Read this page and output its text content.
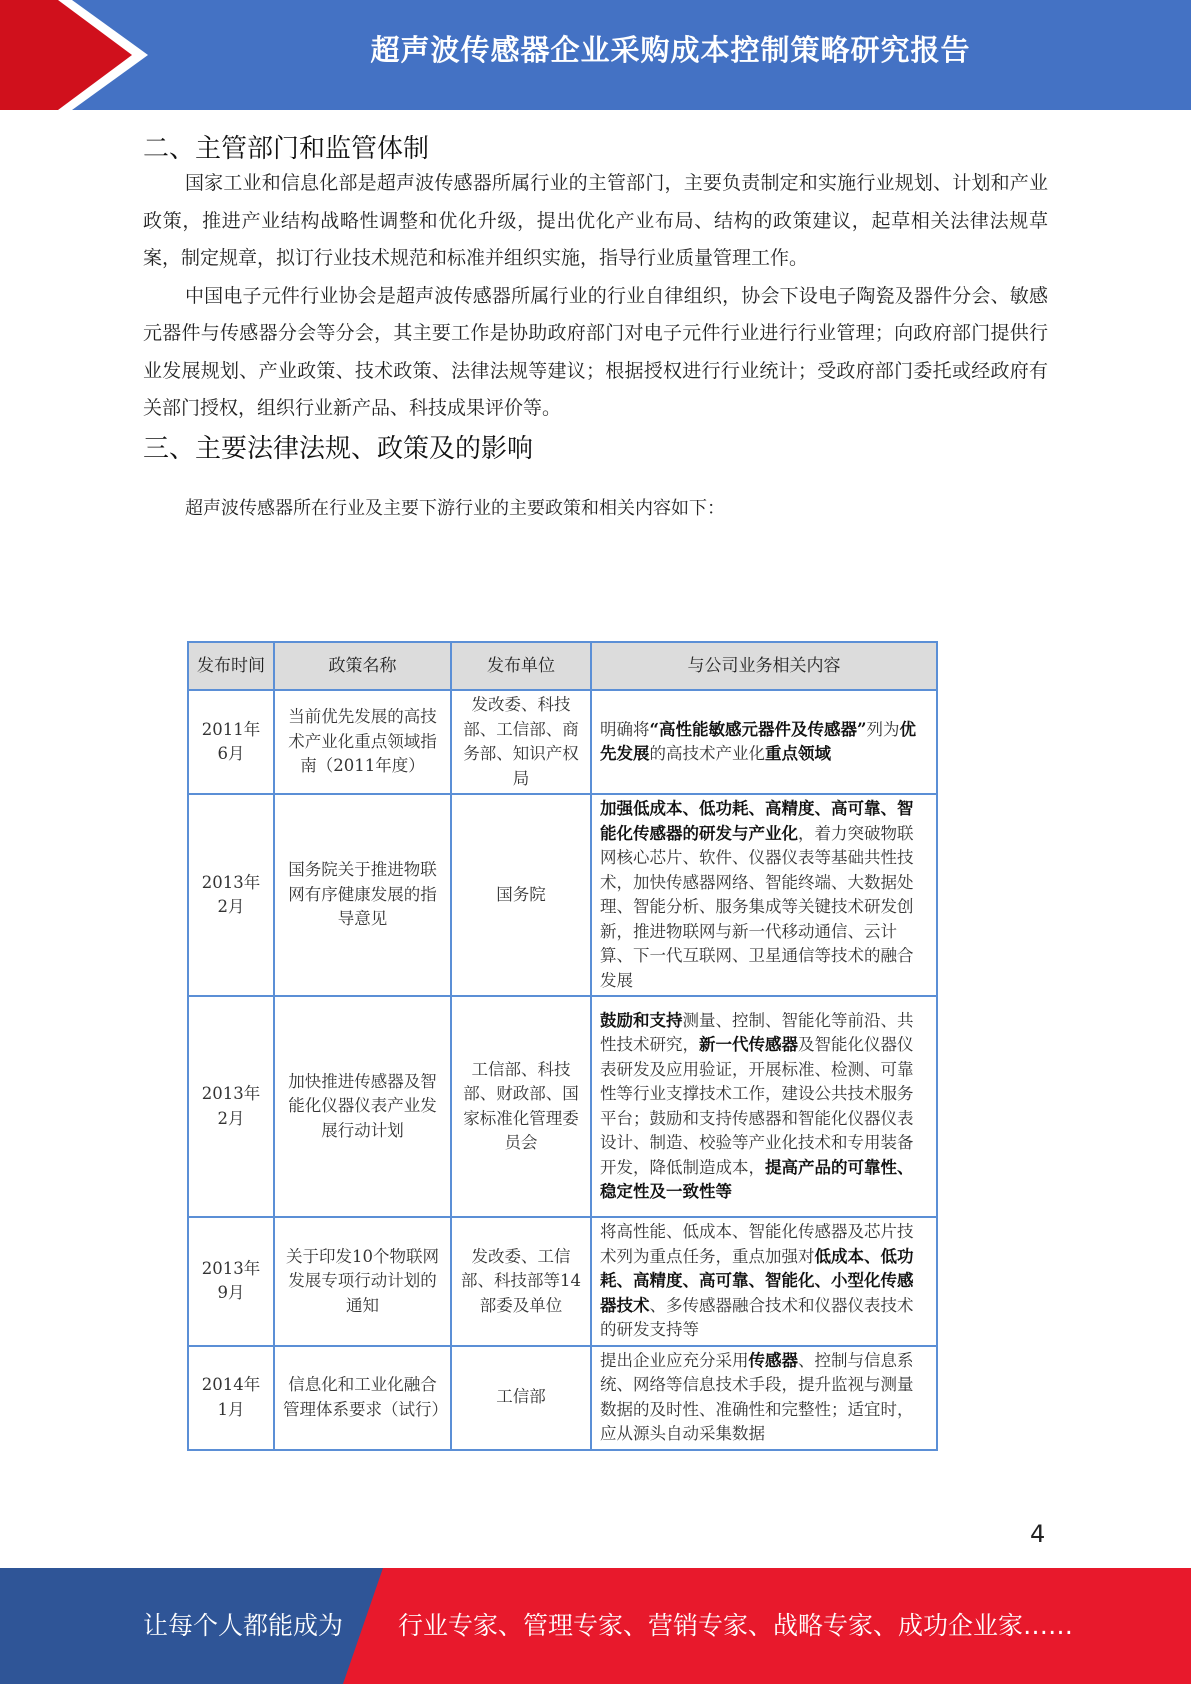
超声波传感器企业采购成本控制策略研究报告
二、主管部门和监管体制

国家工业和信息化部是超声波传感器所属行业的主管部门，主要负责制定和实施行业规划、计划和产业政策，推进产业结构战略性调整和优化升级，提出优化产业布局、结构的政策建议，起草相关法律法规草案，制定规章，拟订行业技术规范和标准并组织实施，指导行业质量管理工作。

中国电子元件行业协会是超声波传感器所属行业的行业自律组织，协会下设电子陶瓷及器件分会、敏感元器件与传感器分会等分会，其主要工作是协助政府部门对电子元件行业进行行业管理；向政府部门提供行业发展规划、产业政策、技术政策、法律法规等建议；根据授权进行行业统计；受政府部门委托或经政府有关部门授权，组织行业新产品、科技成果评价等。

三、主要法律法规、政策及的影响

超声波传感器所在行业及主要下游行业的主要政策和相关内容如下：

发布时间	政策名称	发布单位	与公司业务相关内容
2011年6月	当前优先发展的高技术产业化重点领域指南（2011年度）	发改委、科技部、工信部、商务部、知识产权局	明确将“高性能敏感元器件及传感器”列为优先发展的高技术产业化重点领域
2013年2月	国务院关于推进物联网有序健康发展的指导意见	国务院	加强低成本、低功耗、高精度、高可靠、智能化传感器的研发与产业化，着力突破物联网核心芯片、软件、仪器仪表等基础共性技术，加快传感器网络、智能终端、大数据处理、智能分析、服务集成等关键技术研发创新，推进物联网与新一代移动通信、云计算、下一代互联网、卫星通信等技术的融合发展
2013年2月	加快推进传感器及智能化仪器仪表产业发展行动计划	工信部、科技部、财政部、国家标准化管理委员会	鼓励和支持测量、控制、智能化等前沿、共性技术研究，新一代传感器及智能化仪器仪表研发及应用验证，开展标准、检测、可靠性等行业支撑技术工作，建设公共技术服务平台；鼓励和支持传感器和智能化仪器仪表设计、制造、校验等产业化技术和专用装备开发，降低制造成本，提高产品的可靠性、稳定性及一致性等
2013年9月	关于印发10个物联网发展专项行动计划的通知	发改委、工信部、科技部等14部委及单位	将高性能、低成本、智能化传感器及芯片技术列为重点任务，重点加强对低成本、低功耗、高精度、高可靠、智能化、小型化传感器技术、多传感器融合技术和仪器仪表技术的研发支持等
2014年1月	信息化和工业化融合管理体系要求（试行）	工信部	提出企业应充分采用传感器、控制与信息系统、网络等信息技术手段，提升监视与测量数据的及时性、准确性和完整性；适宜时，应从源头自动采集数据
4
让每个人都能成为 行业专家、管理专家、营销专家、战略专家、成功企业家……
